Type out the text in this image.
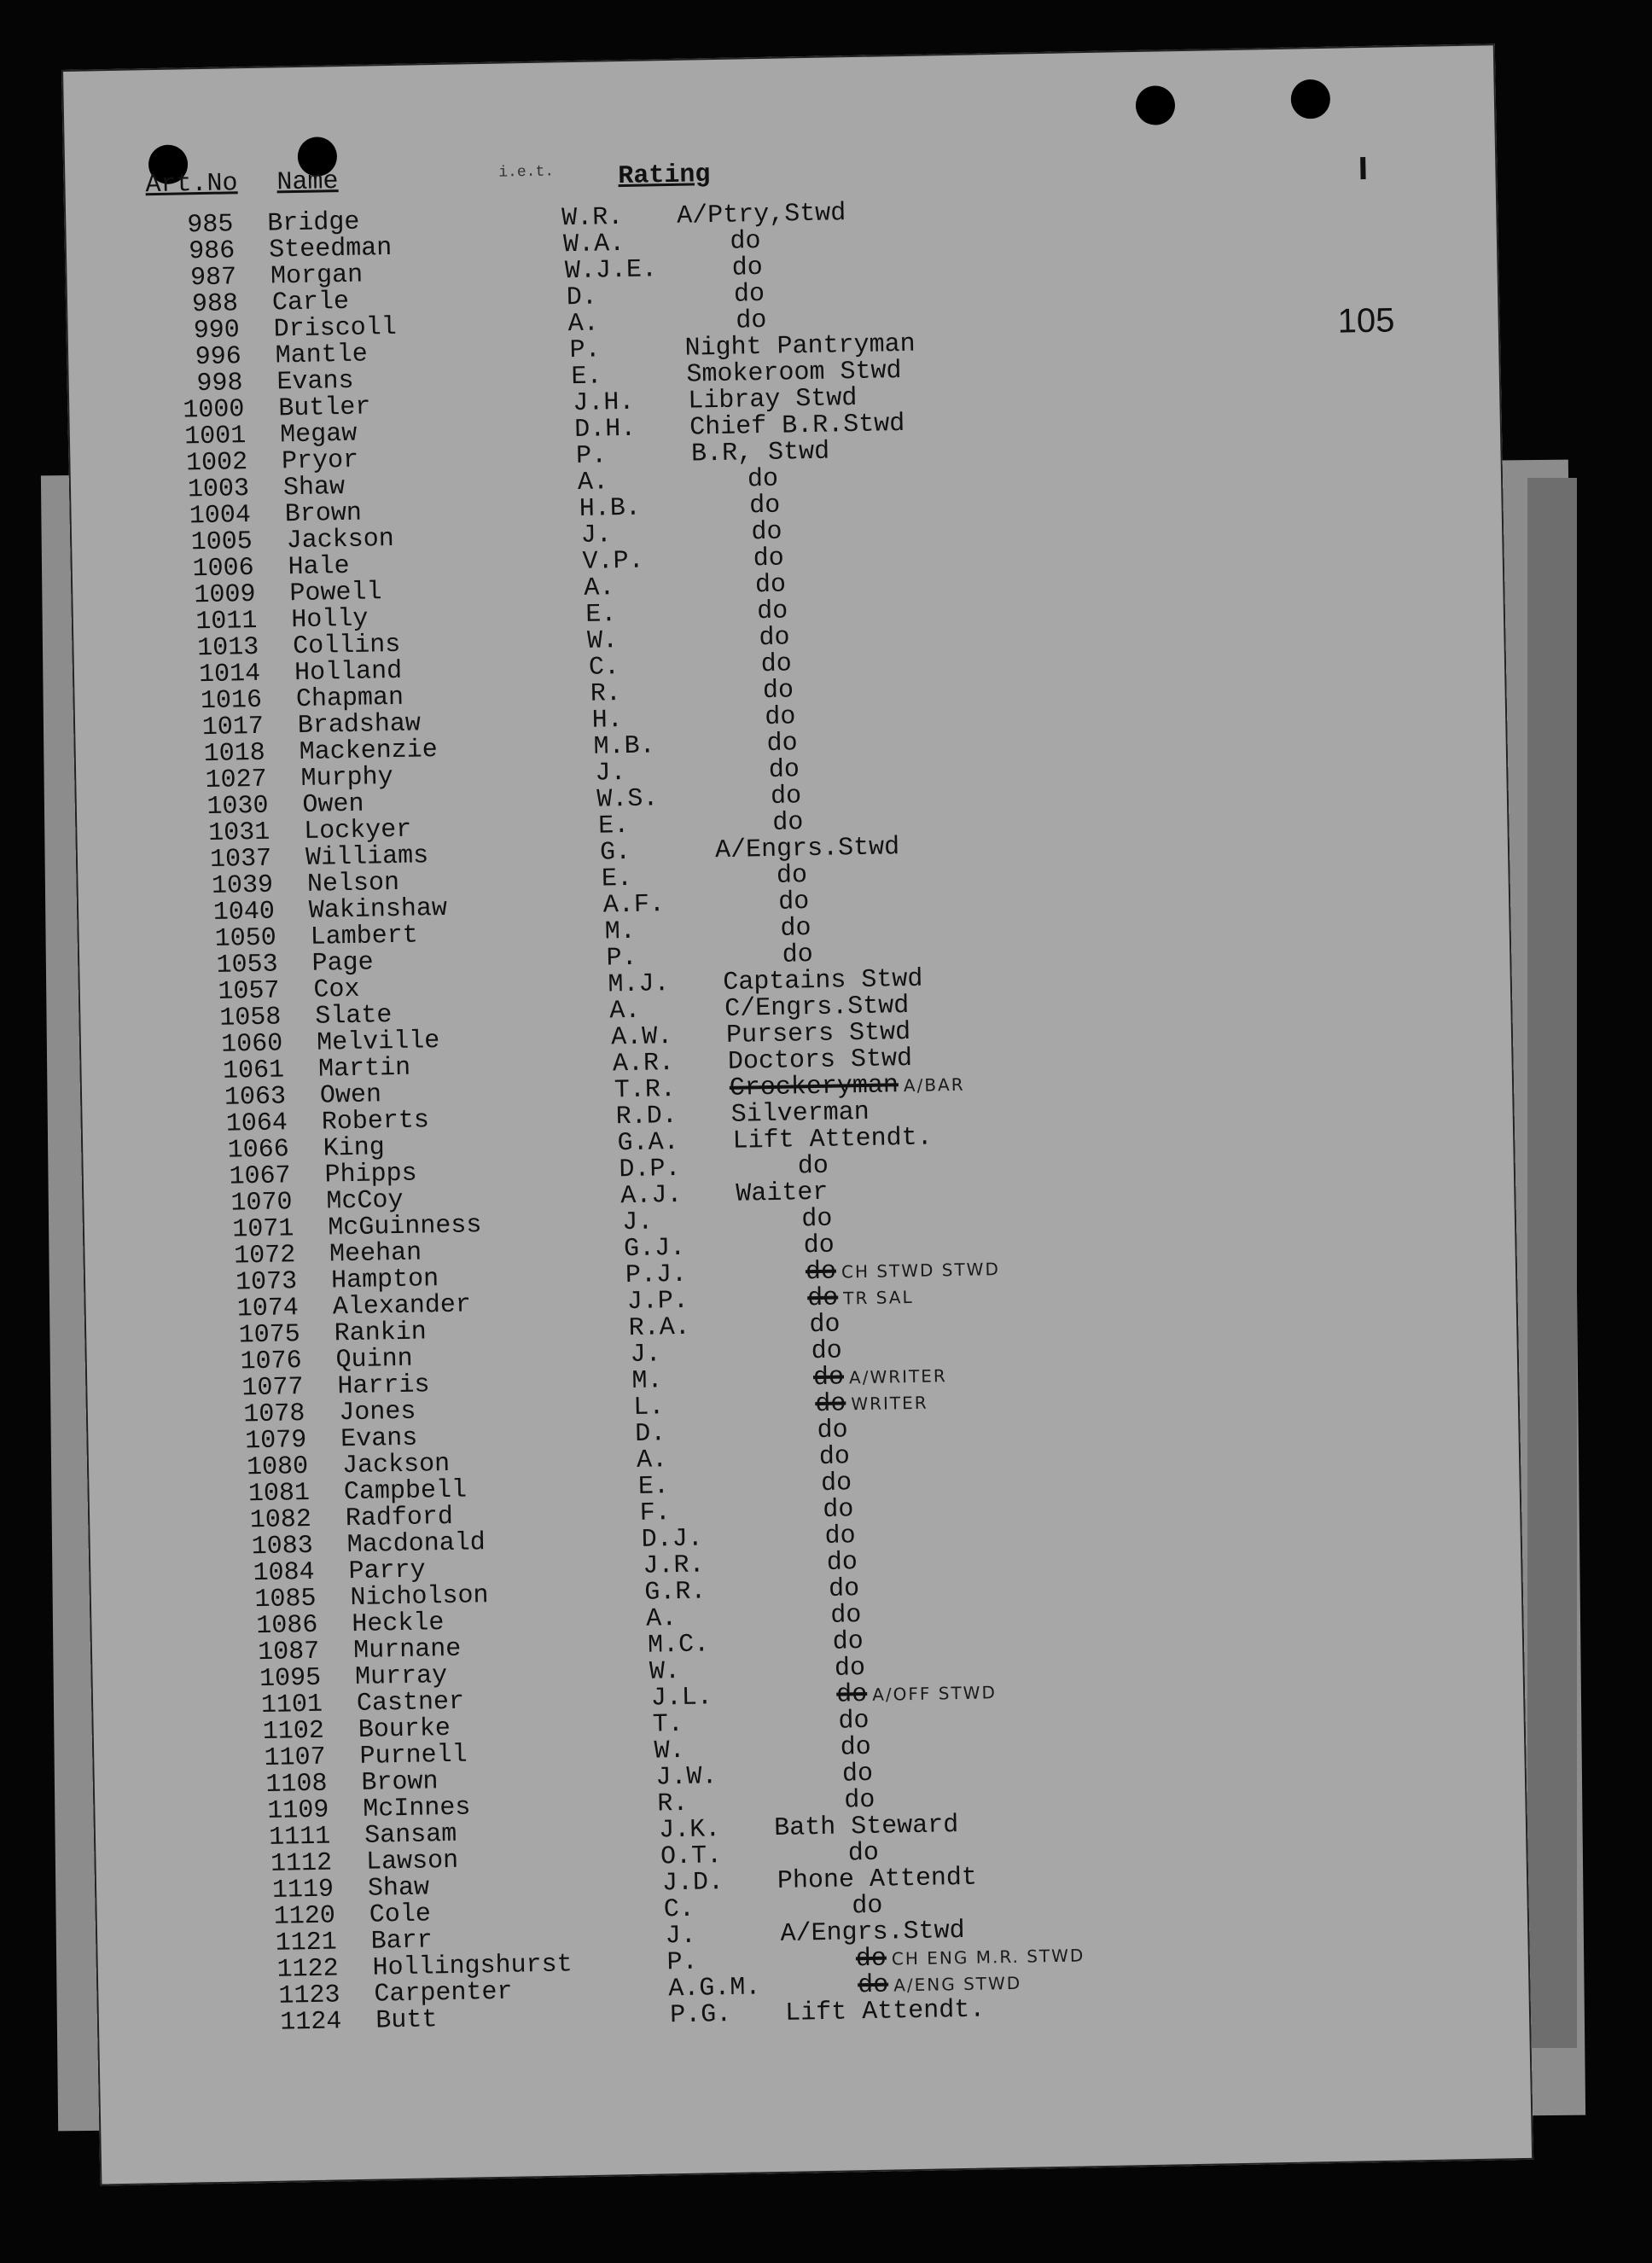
Art.No Name	i.e.t. Rating
105
985 Bridge	W.R. A/Ptry,Stwd
986 Steedman	W.A.	do
987 Morgan	W.J.E.	do
988 Carle	D.	do
990 Driscoll	A.	do
996 Mantle	P.	Night Pantryman
998 Evans	E.	Smokeroom Stwd
1000 Butler	J.H. Libray Stwd
1001 Megaw	D.H. Chief B.R.Stwd
1002 Pryor	P.	B.R, Stwd
1003 Shaw	A.	do
1004 Brown	H.B.	do
1005 Jackson	J.	do
1006 Hale	V.P.	do
1009 Powell	A.	do
1011 Holly	E.	do
1013 Collins	W.	do
1014 Holland	C.	do
1016 Chapman	R.	do
1017 Bradshaw	H.	do
1018 Mackenzie	M.B.	do
1027 Murphy	J.	do
1030 Owen	W.S.	do
1031 Lockyer	E.	do
1037 Williams	G.	A/Engrs.Stwd
1039 Nelson	E.	do
1040 Wakinshaw	A.F.	do
1050 Lambert	M.	do
1053 Page	P.	do
1057 Cox	M.J. Captains Stwd
1058 Slate	A.	C/Engrs.Stwd
1060 Melville	A.W. Pursers Stwd
1061 Martin	A.R. Doctors Stwd
1063 Owen	T.R. Crockeryman A/BAR
1064 Roberts	R.D. Silverman
1066 King	G.A. Lift Attendt.
1067 Phipps	D.P.	do
1070 McCoy	A.J. Waiter
1071 McGuinness	J.	do
1072 Meehan	G.J.	do
1073 Hampton	P.J.	do CH STWD STWD
1074 Alexander	J.P.	do TR SAL
1075 Rankin	R.A.	do
1076 Quinn	J.	do
1077 Harris	M.	do A/WRITER
1078 Jones	L.	do WRITER
1079 Evans	D.	do
1080 Jackson	A.	do
1081 Campbell	E.	do
1082 Radford	F.	do
1083 Macdonald	D.J.	do
1084 Parry	J.R.	do
1085 Nicholson	G.R.	do
1086 Heckle	A.	do
1087 Murnane	M.C.	do
1095 Murray	W.	do
1101 Castner	J.L.	do A/OFF STWD
1102 Bourke	T.	do
1107 Purnell	W.	do
1108 Brown	J.W.	do
1109 McInnes	R.	do
1111 Sansam	J.K. Bath Steward
1112 Lawson	O.T.	do
1119 Shaw	J.D. Phone Attendt
1120 Cole	C.	do
1121 Barr	J.	A/Engrs.Stwd
1122 Hollingshurst	P.	do CH ENG M.R. STWD
1123 Carpenter	A.G.M.	do A/ENG STWD
1124 Butt	P.G. Lift Attendt.
